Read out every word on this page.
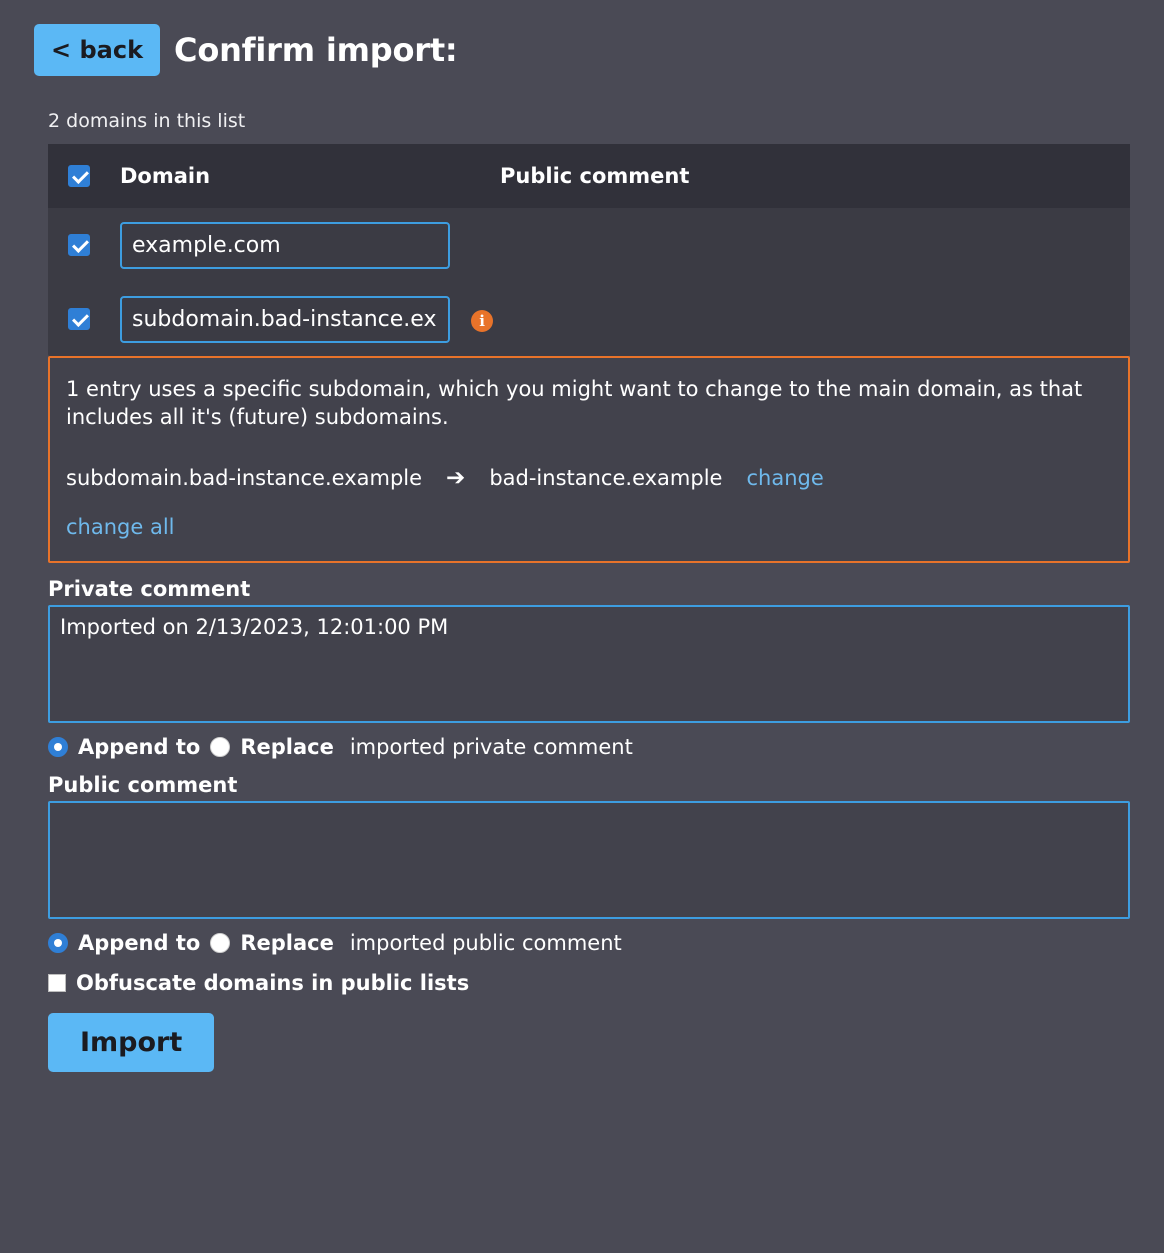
< back Confirm import:
2 domains in this list
Domain	Public comment
example.com
subdomain.bad-instance.ex i
1 entry uses a specific subdomain, which you might want to change to the main domain, as that includes all it's (future) subdomains.
subdomain.bad-instance.example ➔ bad-instance.example change
change all
Private comment
Imported on 2/13/2023, 12:01:00 PM
Append to Replace imported private comment
Public comment
Append to Replace imported public comment
Obfuscate domains in public lists
Import
